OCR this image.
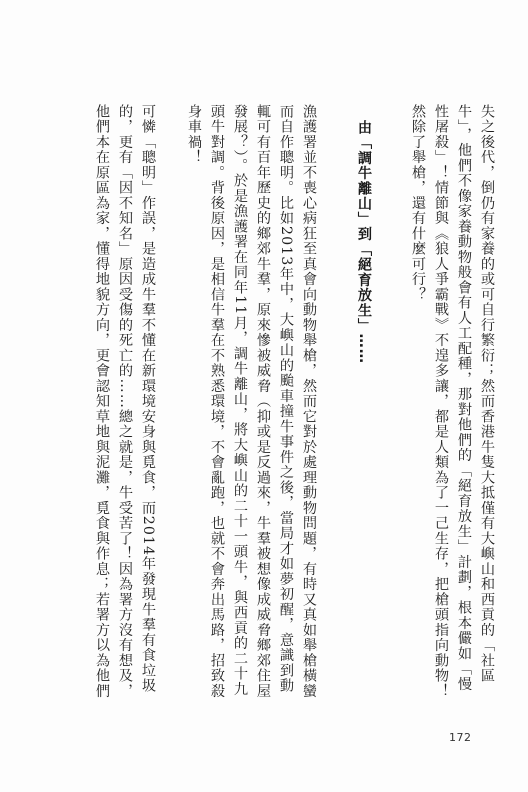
失之後代，倒仍有家養的或可自行繁衍；然而香港牛隻大抵僅有大嶼山和西貢的「社區
牛」，他們不像家養動物般會有人工配種，那對他們的「絕育放生」計劃，根本儼如「慢
性屠殺」！情節與《狼人爭霸戰》不遑多讓，都是人類為了一己生存，把槍頭指向動物！
然除了舉槍，還有什麼可行？
由「調牛離山」到「絕育放生」……
漁護署並不喪心病狂至真會向動物舉槍，然而它對於處理動物問題，有時又真如舉槍橫蠻
而自作聰明。比如2013年中，大嶼山的颱車撞牛事件之後，當局才如夢初醒，意識到動
輒可有百年歷史的鄉郊牛羣，原來慘被威脅（抑或是反過來，牛羣被想像成威脅鄉郊住屋
發展？）。於是漁護署在同年11月，調牛離山，將大嶼山的二十一頭牛，與西貢的二十九
頭牛對調。背後原因，是相信牛羣在不熟悉環境，不會亂跑，也就不會奔出馬路，招致殺
身車禍！
可憐「聰明」作誤，是造成牛羣不懂在新環境安身與覓食，而2014年發現牛羣有食垃圾
的，更有「因不知名」原因受傷的死亡的……總之就是，牛受苦了！因為署方沒有想及，
他們本在原區為家，懂得地貌方向，更會認知草地與泥灘，覓食與作息；若署方以為他們
172
